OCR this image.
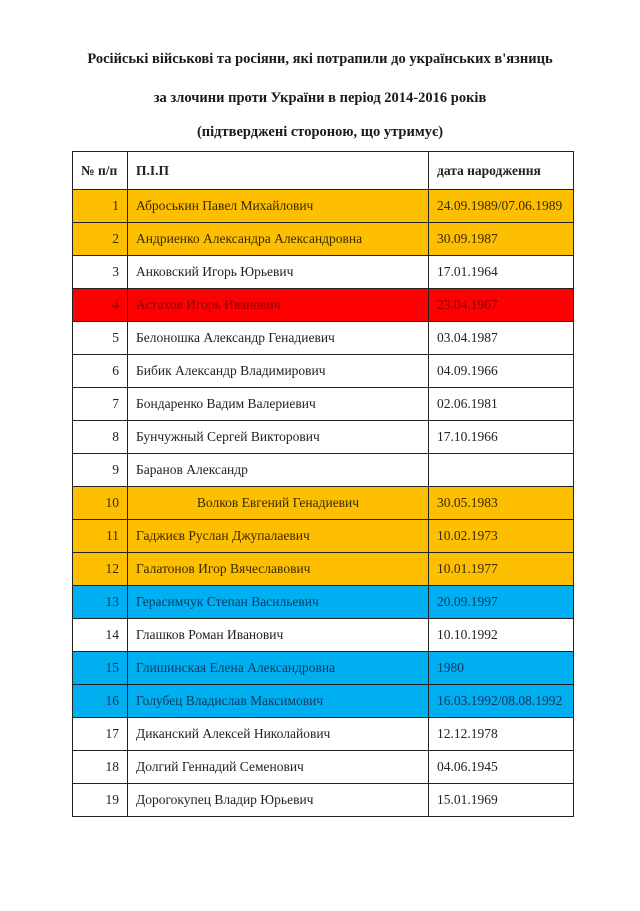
Російські військові та росіяни, які потрапили до українських в'язниць
за злочини проти України в період 2014-2016 років
(підтверджені стороною, що утримує)
№ п/п	П.І.П	дата народження
1	Аброськин Павел Михайлович	24.09.1989/07.06.1989
2	Андриенко Александра Александровна	30.09.1987
3	Анковский Игорь Юрьевич	17.01.1964
4	Астахов Игорь Иванович	23.04.1967
5	Белоношка Александр Генадиевич	03.04.1987
6	Бибик Александр Владимирович	04.09.1966
7	Бондаренко Вадим Валериевич	02.06.1981
8	Бунчужный Сергей Викторович	17.10.1966
9	Баранов Александр	
10	Волков Евгений Генадиевич	30.05.1983
11	Гаджиєв Руслан Джупалаевич	10.02.1973
12	Галатонов Игор Вячеславович	10.01.1977
13	Герасимчук Степан Васильевич	20.09.1997
14	Глашков Роман Иванович	10.10.1992
15	Глишинская Елена Александровна	1980
16	Голубец Владислав Максимович	16.03.1992/08.08.1992
17	Диканский Алексей Николайович	12.12.1978
18	Долгий Геннадий Семенович	04.06.1945
19	Дорогокупец Владир Юрьевич	15.01.1969
